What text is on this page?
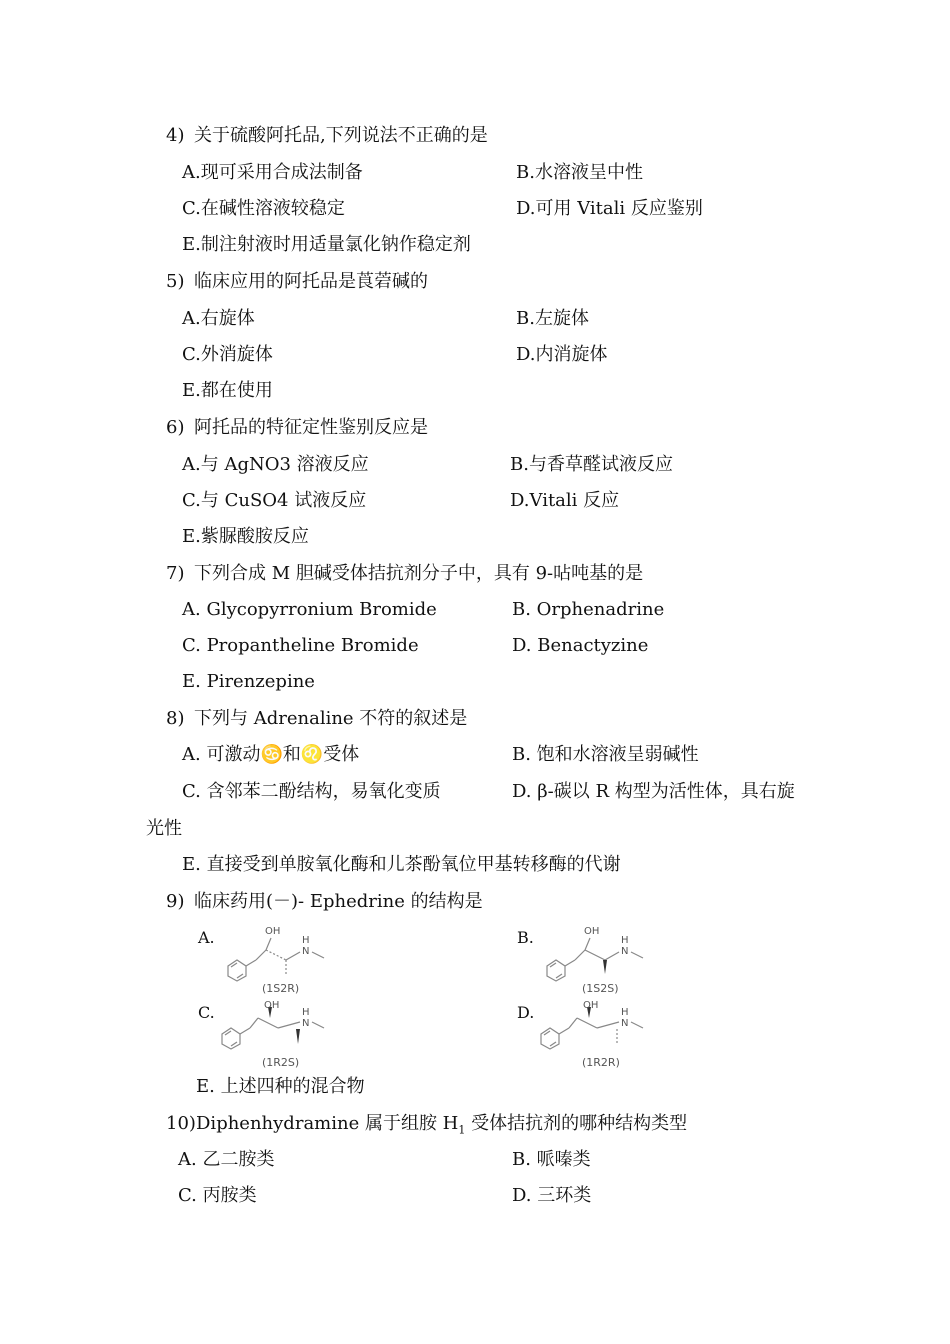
4) 关于硫酸阿托品,下列说法不正确的是
A.现可采用合成法制备	B.水溶液呈中性
C.在碱性溶液较稳定	D.可用 Vitali 反应鉴别
E.制注射液时用适量氯化钠作稳定剂
5) 临床应用的阿托品是莨菪碱的
A.右旋体	B.左旋体
C.外消旋体	D.内消旋体
E.都在使用
6) 阿托品的特征定性鉴别反应是
A.与 AgNO3 溶液反应	B.与香草醛试液反应
C.与 CuSO4 试液反应	D.Vitali 反应
E.紫脲酸胺反应
7) 下列合成 M 胆碱受体拮抗剂分子中，具有 9-呫吨基的是
A. Glycopyrronium Bromide	B. Orphenadrine
C. Propantheline Bromide	D. Benactyzine
E. Pirenzepine
8) 下列与 Adrenaline 不符的叙述是
A. 可激动♋和♌受体	B. 饱和水溶液呈弱碱性
C. 含邻苯二酚结构，易氧化变质	D. β-碳以 R 构型为活性体，具右旋
光性
E. 直接受到单胺氧化酶和儿茶酚氧位甲基转移酶的代谢
9) 临床药用(－)- Ephedrine 的结构是
A.	OH
H
N
(1S2R)
B.	OH
H
N
(1S2S)
C.	OH
H
N
(1R2S)
D.	OH
H
N
(1R2R)
E. 上述四种的混合物
10)Diphenhydramine 属于组胺 $H_1$ 受体拮抗剂的哪种结构类型
A. 乙二胺类	B. 哌嗪类
C. 丙胺类	D. 三环类
